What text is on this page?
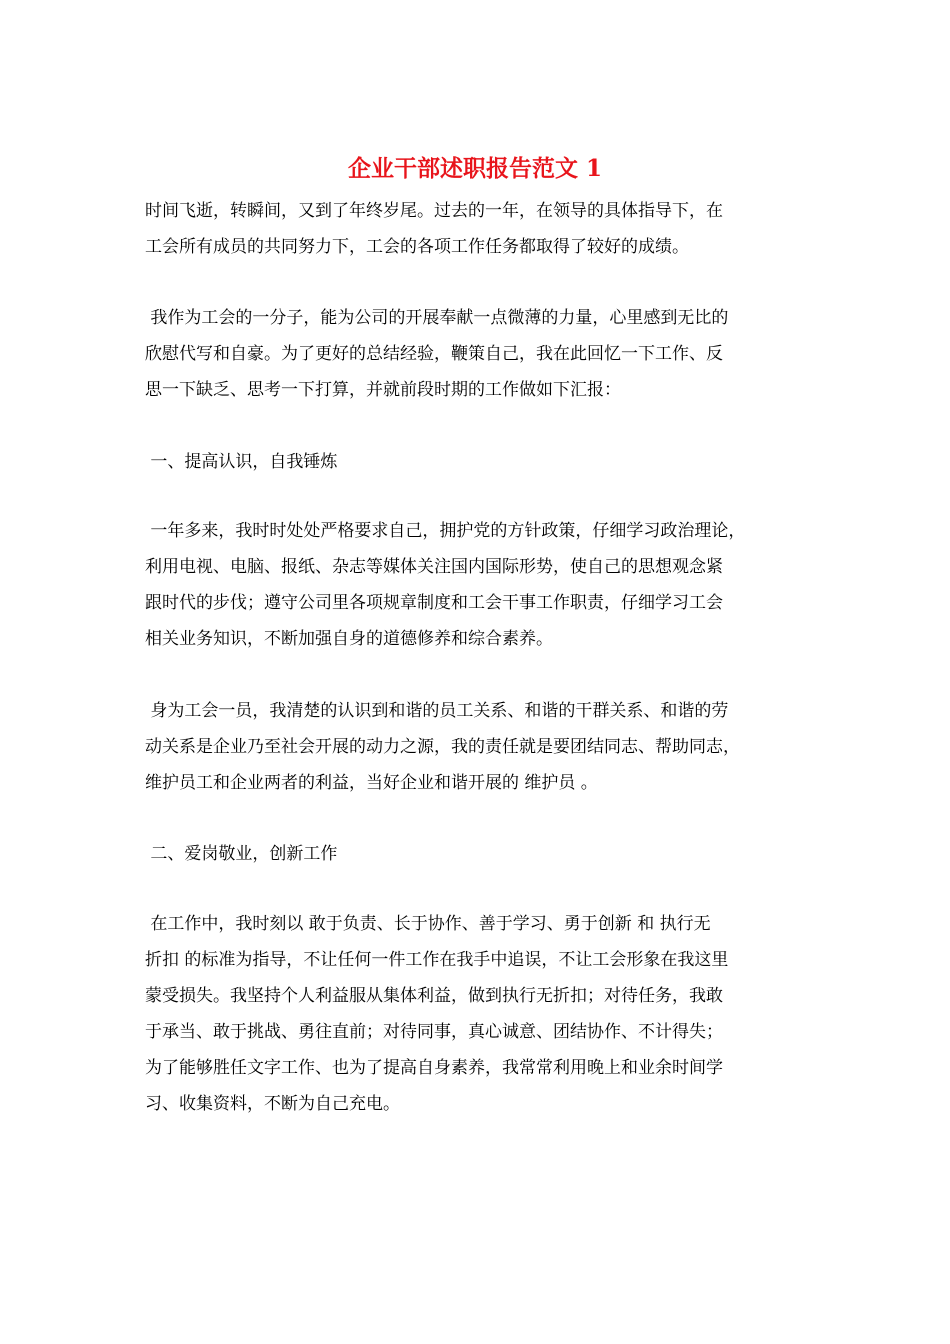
企业干部述职报告范文 1

时间飞逝，转瞬间，又到了年终岁尾。过去的一年，在领导的具体指导下，在

工会所有成员的共同努力下，工会的各项工作任务都取得了较好的成绩。

我作为工会的一分子，能为公司的开展奉献一点微薄的力量，心里感到无比的

欣慰代写和自豪。为了更好的总结经验，鞭策自己，我在此回忆一下工作、反

思一下缺乏、思考一下打算，并就前段时期的工作做如下汇报：

一、提高认识，自我锤炼

一年多来，我时时处处严格要求自己，拥护党的方针政策，仔细学习政治理论，

利用电视、电脑、报纸、杂志等媒体关注国内国际形势，使自己的思想观念紧

跟时代的步伐；遵守公司里各项规章制度和工会干事工作职责，仔细学习工会

相关业务知识，不断加强自身的道德修养和综合素养。

身为工会一员，我清楚的认识到和谐的员工关系、和谐的干群关系、和谐的劳

动关系是企业乃至社会开展的动力之源，我的责任就是要团结同志、帮助同志，

维护员工和企业两者的利益，当好企业和谐开展的 维护员 。

二、爱岗敬业，创新工作

在工作中，我时刻以 敢于负责、长于协作、善于学习、勇于创新 和 执行无

折扣 的标准为指导，不让任何一件工作在我手中追误，不让工会形象在我这里

蒙受损失。我坚持个人利益服从集体利益，做到执行无折扣；对待任务，我敢

于承当、敢于挑战、勇往直前；对待同事，真心诚意、团结协作、不计得失；

为了能够胜任文字工作、也为了提高自身素养，我常常利用晚上和业余时间学

习、收集资料，不断为自己充电。
